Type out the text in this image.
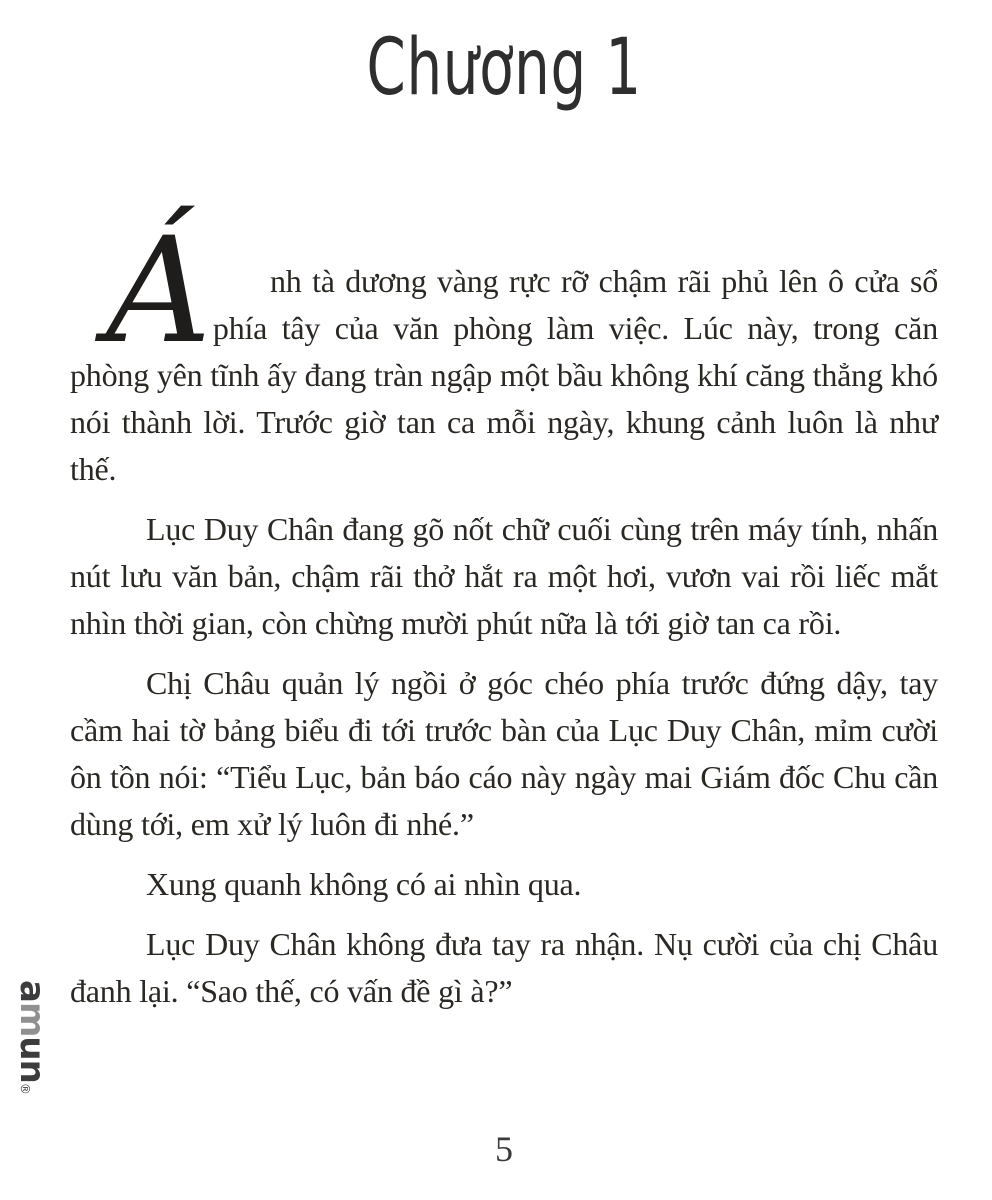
amun®
Chương 1

Á	nh tà dương vàng rực rỡ chậm rãi phủ lên ô cửa sổ phía tây của văn phòng làm việc. Lúc này, trong căn phòng yên tĩnh ấy đang tràn ngập một bầu không khí căng thẳng khó nói thành lời. Trước giờ tan ca mỗi ngày, khung cảnh luôn là như thế.

Lục Duy Chân đang gõ nốt chữ cuối cùng trên máy tính, nhấn nút lưu văn bản, chậm rãi thở hắt ra một hơi, vươn vai rồi liếc mắt nhìn thời gian, còn chừng mười phút nữa là tới giờ tan ca rồi.

Chị Châu quản lý ngồi ở góc chéo phía trước đứng dậy, tay cầm hai tờ bảng biểu đi tới trước bàn của Lục Duy Chân, mỉm cười ôn tồn nói: “Tiểu Lục, bản báo cáo này ngày mai Giám đốc Chu cần dùng tới, em xử lý luôn đi nhé.”

Xung quanh không có ai nhìn qua.

Lục Duy Chân không đưa tay ra nhận. Nụ cười của chị Châu đanh lại. “Sao thế, có vấn đề gì à?”

5
